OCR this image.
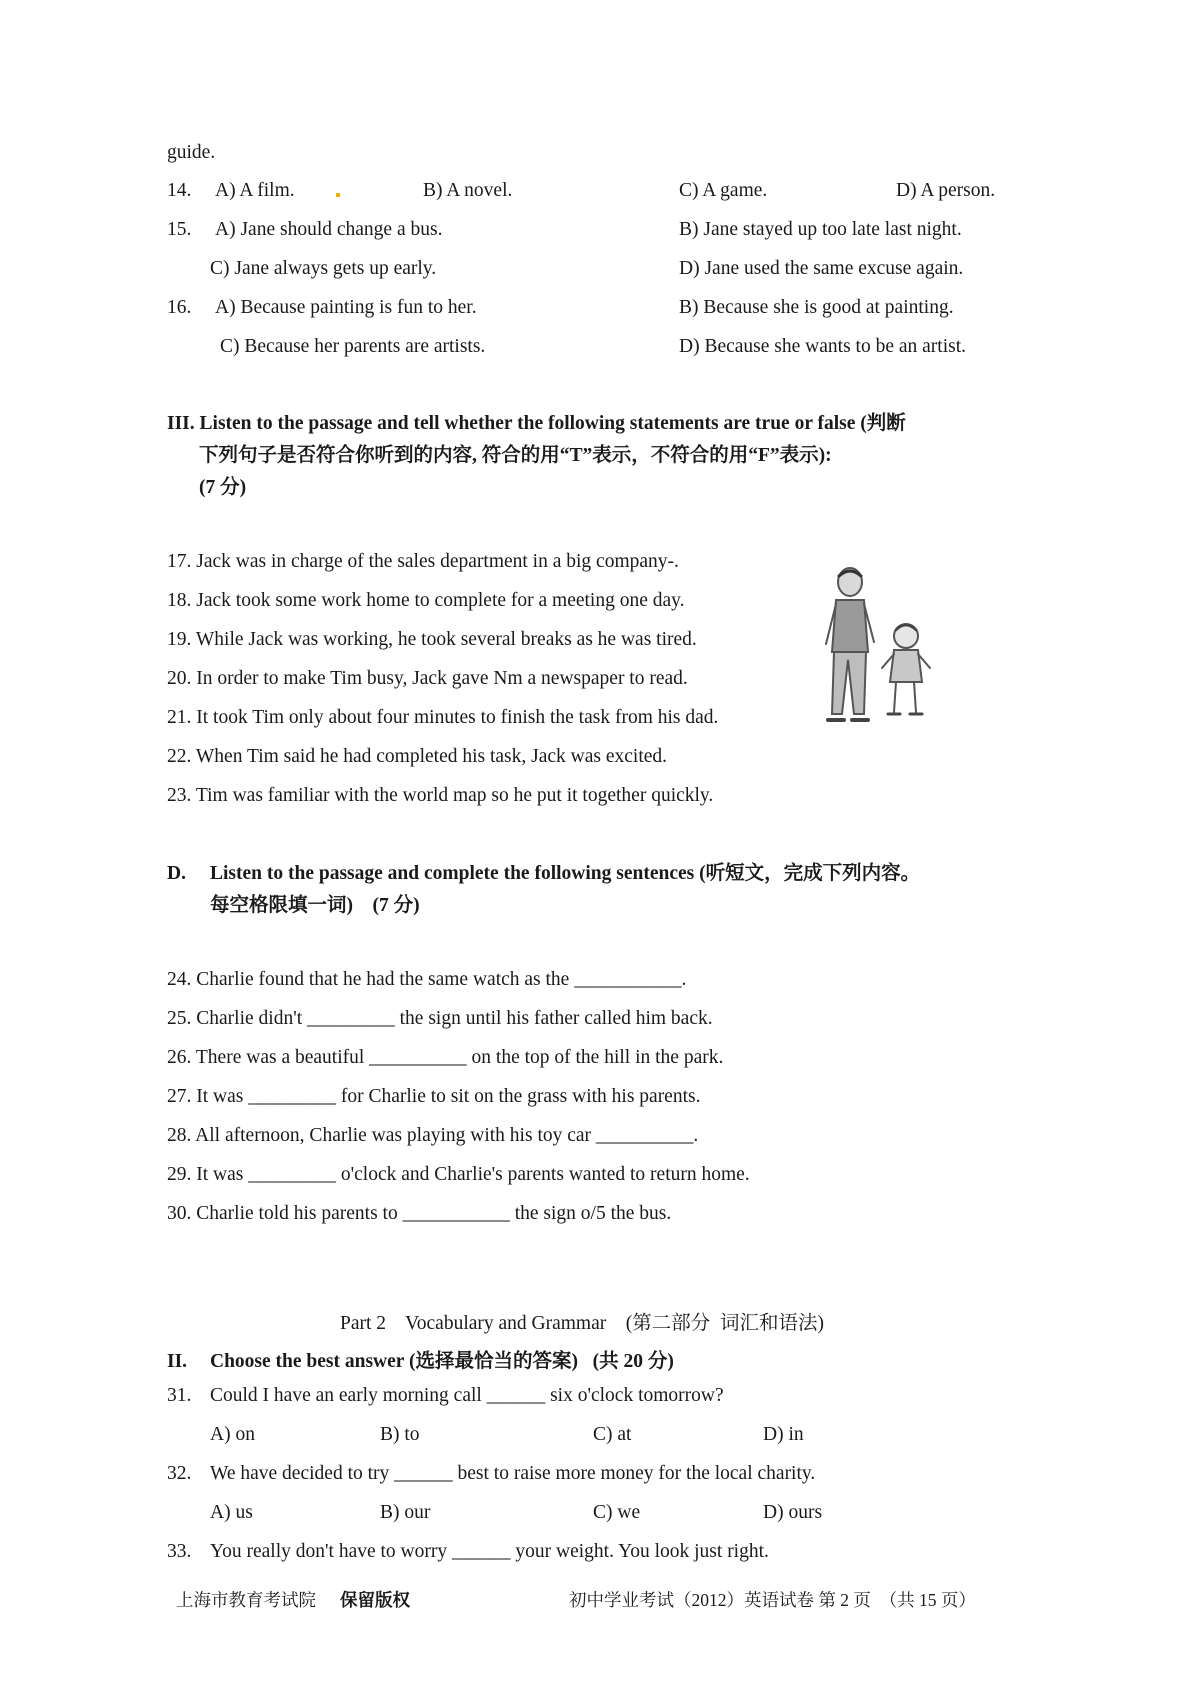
guide.
14. A) A film.	B) A novel.	C) A game.	D) A person.
15. A) Jane should change a bus.	B) Jane stayed up too late last night.
C) Jane always gets up early.	D) Jane used the same excuse again.
16. A) Because painting is fun to her.	B) Because she is good at painting.
C) Because her parents are artists.	D) Because she wants to be an artist.
III. Listen to the passage and tell whether the following statements are true or false (判断
下列句子是否符合你听到的内容, 符合的用“T”表示，不符合的用“F”表示):
(7 分)
17. Jack was in charge of the sales department in a big company-.
18. Jack took some work home to complete for a meeting one day.
19. While Jack was working, he took several breaks as he was tired.
20. In order to make Tim busy, Jack gave Nm a newspaper to read.
21. It took Tim only about four minutes to finish the task from his dad.
22. When Tim said he had completed his task, Jack was excited.
23. Tim was familiar with the world map so he put it together quickly.
D. Listen to the passage and complete the following sentences (听短文，完成下列内容。
每空格限填一词)    (7 分)
24. Charlie found that he had the same watch as the ___________.
25. Charlie didn't _________ the sign until his father called him back.
26. There was a beautiful __________ on the top of the hill in the park.
27. It was _________ for Charlie to sit on the grass with his parents.
28. All afternoon, Charlie was playing with his toy car __________.
29. It was _________ o'clock and Charlie's parents wanted to return home.
30. Charlie told his parents to ___________ the sign o/5 the bus.
Part 2    Vocabulary and Grammar    (第二部分  词汇和语法)
II. Choose the best answer (选择最恰当的答案)   (共 20 分)
31. Could I have an early morning call ______ six o'clock tomorrow?
A) on	B) to	C) at	D) in
32. We have decided to try ______ best to raise more money for the local charity.
A) us	B) our	C) we	D) ours
33. You really don't have to worry ______ your weight. You look just right.
上海市教育考试院 保留版权	初中学业考试（2012）英语试卷 第 2 页  （共 15 页）
